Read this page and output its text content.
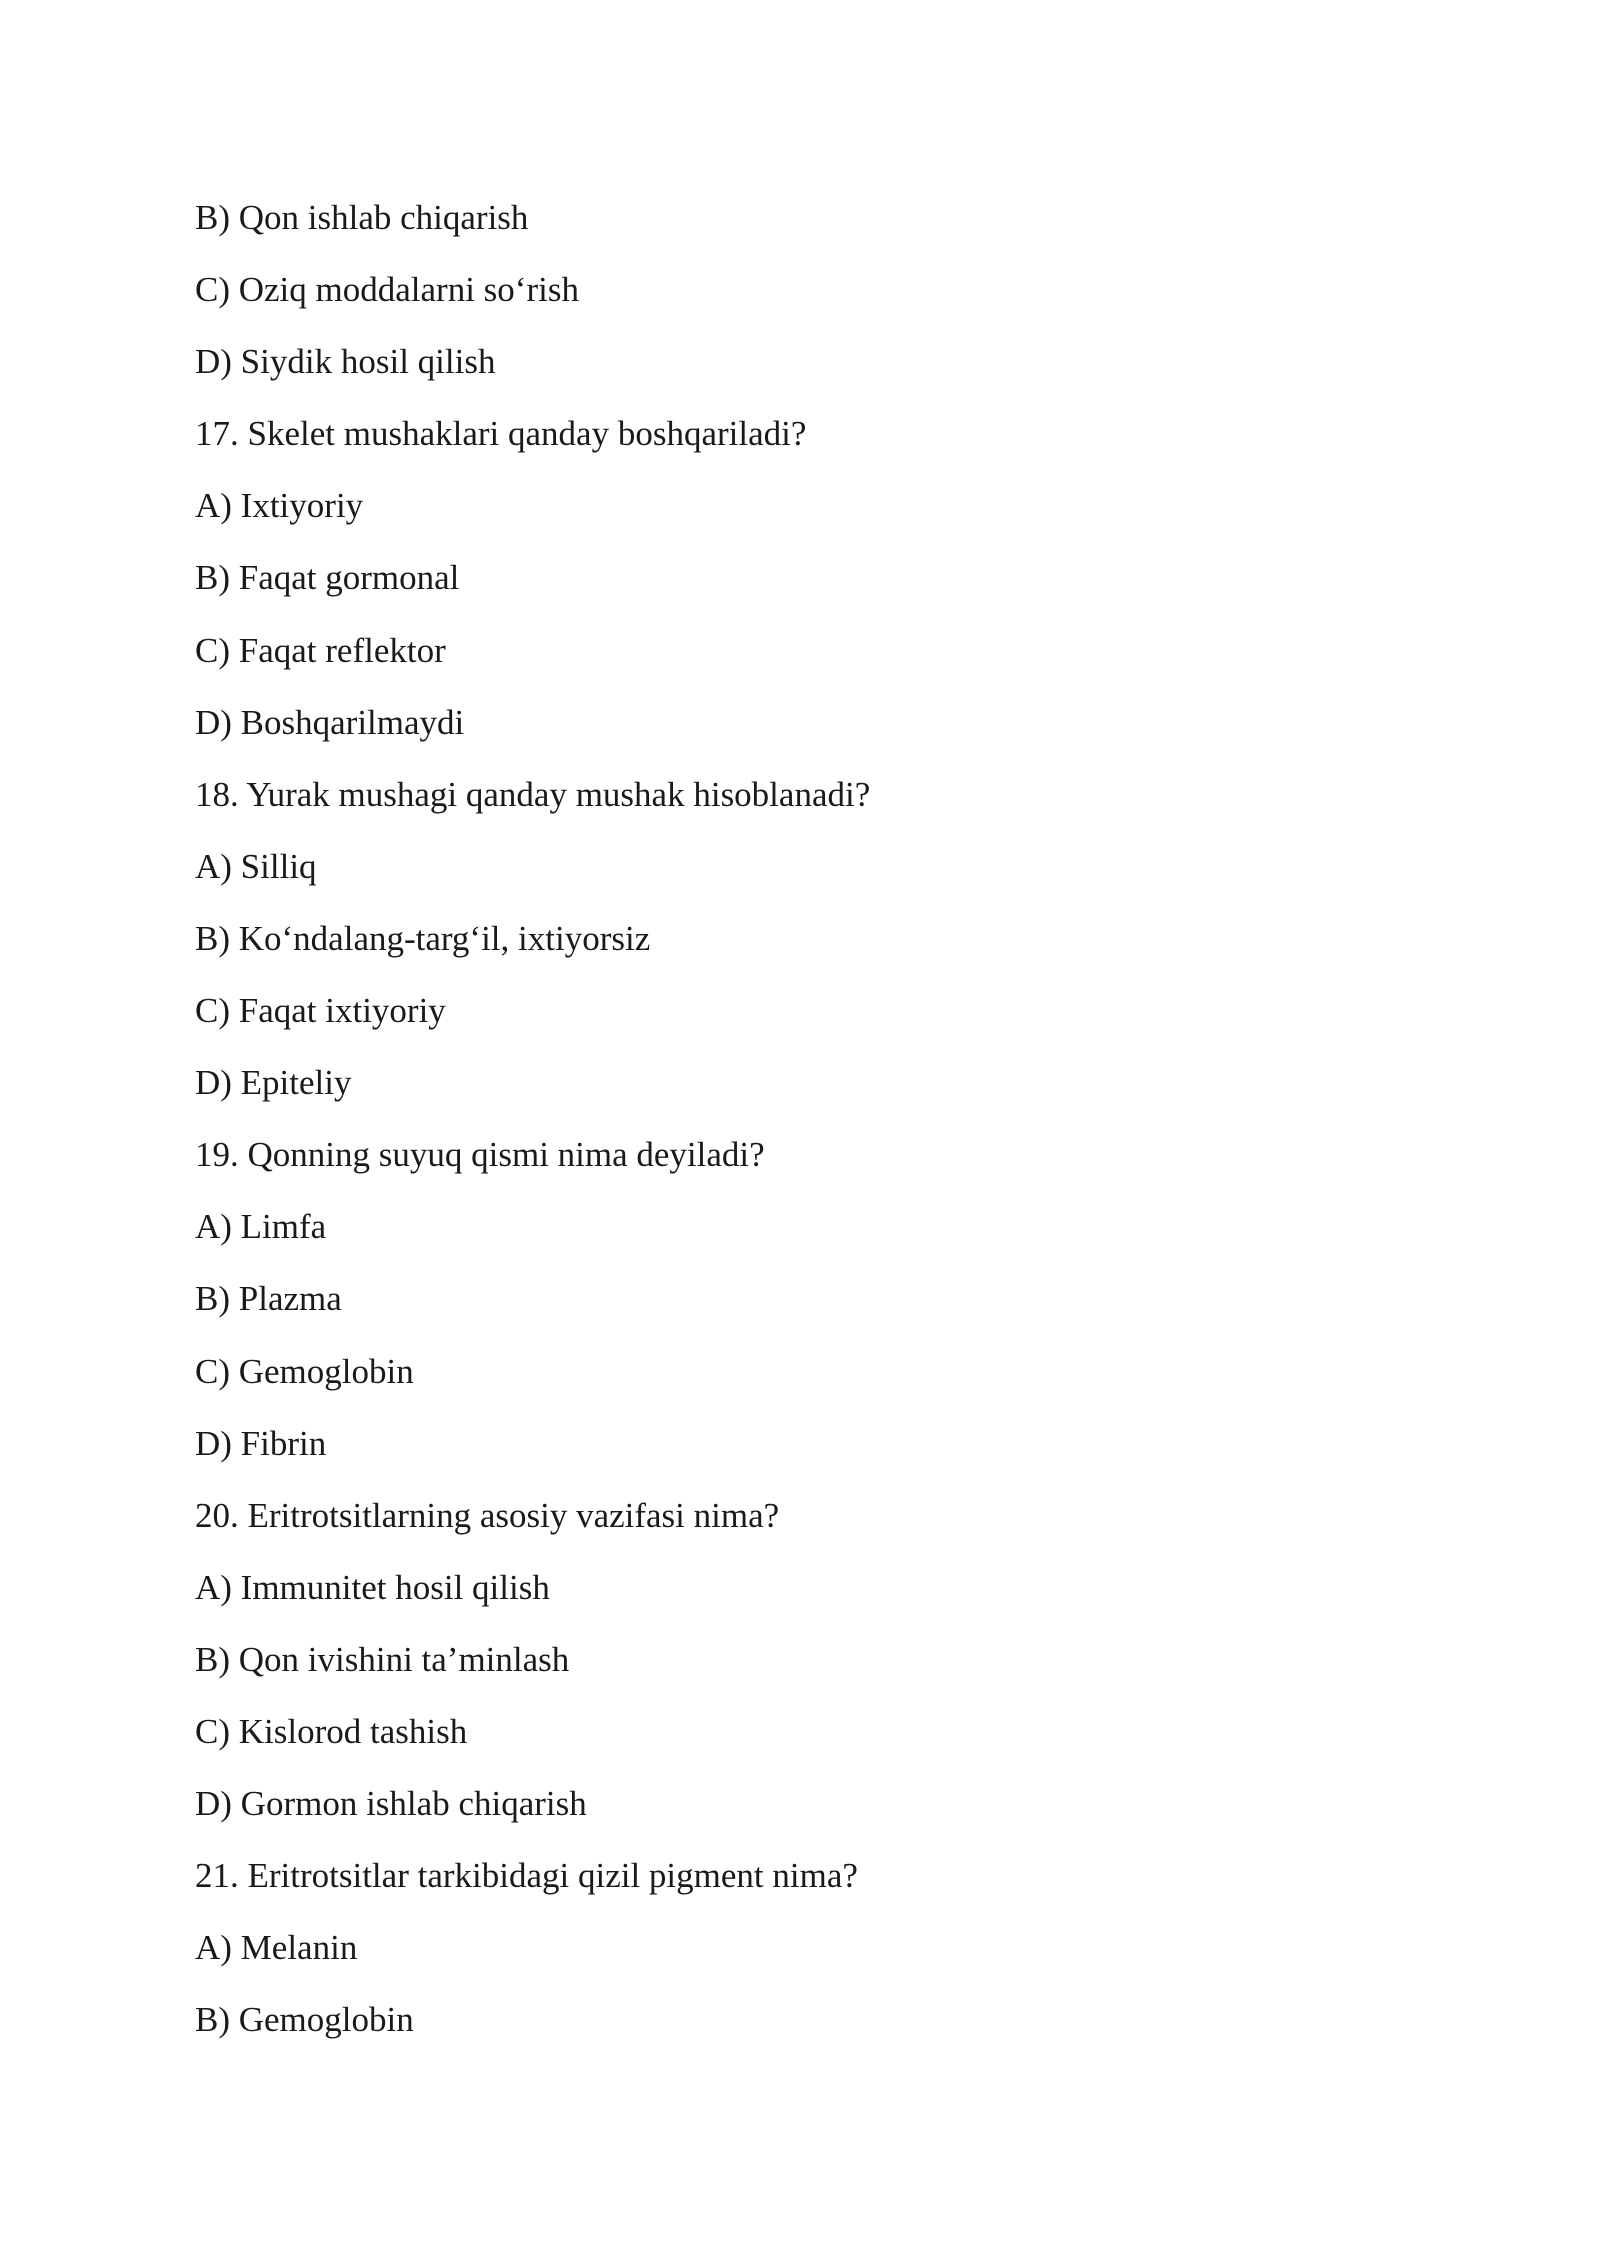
B) Qon ishlab chiqarish
C) Oziq moddalarni so‘rish
D) Siydik hosil qilish
17. Skelet mushaklari qanday boshqariladi?
A) Ixtiyoriy
B) Faqat gormonal
C) Faqat reflektor
D) Boshqarilmaydi
18. Yurak mushagi qanday mushak hisoblanadi?
A) Silliq
B) Ko‘ndalang-targ‘il, ixtiyorsiz
C) Faqat ixtiyoriy
D) Epiteliy
19. Qonning suyuq qismi nima deyiladi?
A) Limfa
B) Plazma
C) Gemoglobin
D) Fibrin
20. Eritrotsitlarning asosiy vazifasi nima?
A) Immunitet hosil qilish
B) Qon ivishini ta’minlash
C) Kislorod tashish
D) Gormon ishlab chiqarish
21. Eritrotsitlar tarkibidagi qizil pigment nima?
A) Melanin
B) Gemoglobin
